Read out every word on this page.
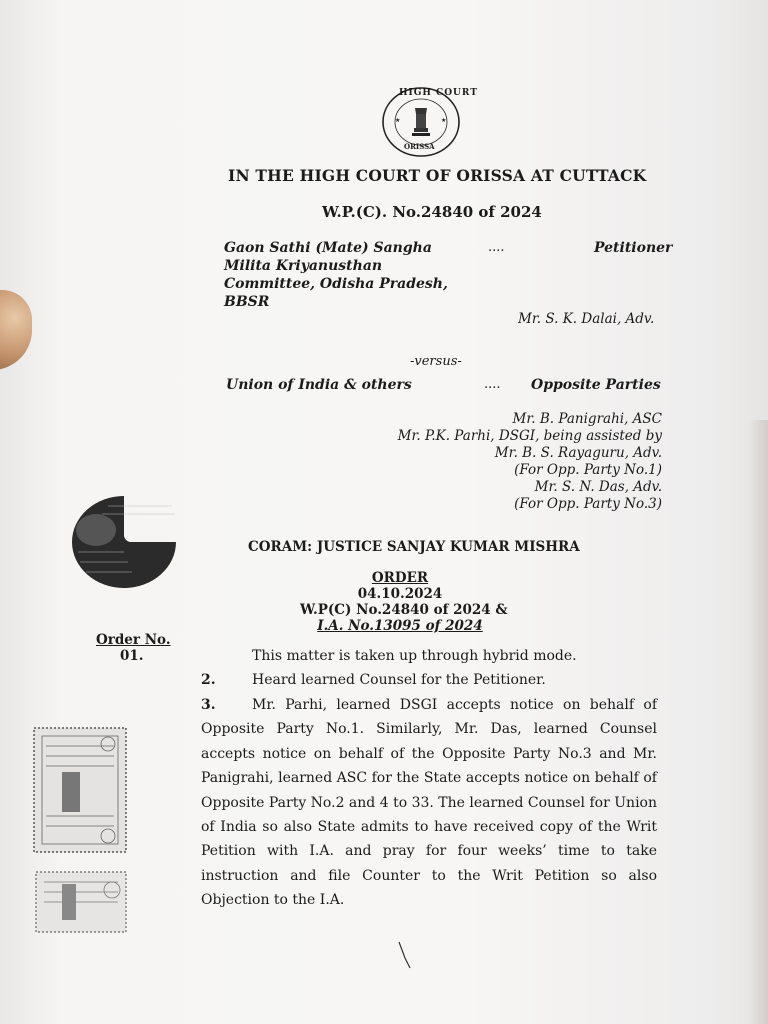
★	★
HIGH COURT
ORISSA
IN THE HIGH COURT OF ORISSA AT CUTTACK
W.P.(C). No.24840 of 2024
Gaon Sathi (Mate) Sangha
Milita Kriyanusthan
Committee, Odisha Pradesh,
BBSR
....	Petitioner
Mr. S. K. Dalai, Adv.
-versus-
Union of India & others	.... Opposite Parties
Mr. B. Panigrahi, ASC
Mr. P.K. Parhi, DSGI, being assisted by
Mr. B. S. Rayaguru, Adv.
(For Opp. Party No.1)
Mr. S. N. Das, Adv.
(For Opp. Party No.3)
CORAM: JUSTICE SANJAY KUMAR MISHRA
ORDER
04.10.2024
W.P(C) No.24840 of 2024 &
I.A. No.13095 of 2024
Order No.
01.	This matter is taken up through hybrid mode.
2.	Heard learned Counsel for the Petitioner.
3.	Mr. Parhi, learned DSGI accepts notice on behalf of Opposite Party No.1. Similarly, Mr. Das, learned Counsel accepts notice on behalf of the Opposite Party No.3 and Mr. Panigrahi, learned ASC for the State accepts notice on behalf of Opposite Party No.2 and 4 to 33. The learned Counsel for Union of India so also State admits to have received copy of the Writ Petition with I.A. and pray for four weeks’ time to take instruction and file Counter to the Writ Petition so also Objection to the I.A.
